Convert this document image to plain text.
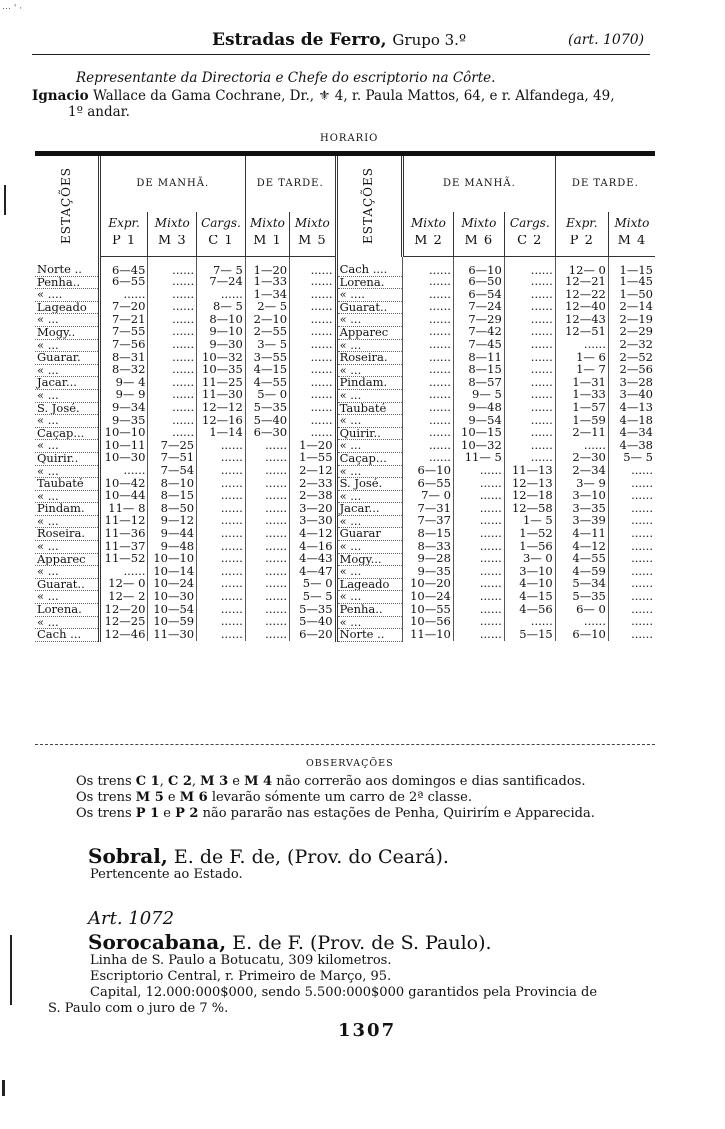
⋯ ' ·
Estradas de Ferro, Grupo 3.º	(art. 1070)
Representante da Directoria e Chefe do escriptorio na Côrte.
Ignacio Wallace da Gama Cochrane, Dr., ⚜ 4, r. Paula Mattos, 64, e r. Alfandega, 49,
1º andar.
HORARIO

ESTAÇÕES	DE MANHÃ.			DE TARDE.		ESTAÇÕES	DE MANHÃ.			DE TARDE.	
	Expr.	Mixto	Cargs.	Mixto	Mixto		Mixto	Mixto	Cargs.	Expr.	Mixto
	P 1	M 3	C 1	M 1	M 5		M 2	M 6	C 2	P 2	M 4
Norte ..	6—45	......	7— 5	1—20	......	Cach ....	......	6—10	......	12— 0	1—15
Penha..	6—55	......	7—24	1—33	......	Lorena.	......	6—50	......	12—21	1—45
« ....	......	......	......	1—34	......	« ....	......	6—54	......	12—22	1—50
Lageado	7—20	......	8— 5	2— 5	......	Guarat..	......	7—24	......	12—40	2—14
« ...	7—21	......	8—10	2—10	......	« ...	......	7—29	......	12—43	2—19
Mogy..	7—55	......	9—10	2—55	......	Apparec	......	7—42	......	12—51	2—29
« ...	7—56	......	9—30	3— 5	......	« ...	......	7—45	......	......	2—32
Guarar.	8—31	......	10—32	3—55	......	Roseira.	......	8—11	......	1— 6	2—52
« ...	8—32	......	10—35	4—15	......	« ...	......	8—15	......	1— 7	2—56
Jacar...	9— 4	......	11—25	4—55	......	Pindam.	......	8—57	......	1—31	3—28
« ...	9— 9	......	11—30	5— 0	......	« ...	......	9— 5	......	1—33	3—40
S. José.	9—34	......	12—12	5—35	......	Taubaté	......	9—48	......	1—57	4—13
« ...	9—35	......	12—16	5—40	......	« ...	......	9—54	......	1—59	4—18
Caçap...	10—10	......	1—14	6—30	......	Quirir..	......	10—15	......	2—11	4—34
« ...	10—11	7—25	......	......	1—20	« ...	......	10—32	......	......	4—38
Quirir..	10—30	7—51	......	......	1—55	Caçap...	......	11— 5	......	2—30	5— 5
« ...	......	7—54	......	......	2—12	« ...	6—10	......	11—13	2—34	......
Taubaté	10—42	8—10	......	......	2—33	S. José.	6—55	......	12—13	3— 9	......
« ...	10—44	8—15	......	......	2—38	« ...	7— 0	......	12—18	3—10	......
Pindam.	11— 8	8—50	......	......	3—20	Jacar...	7—31	......	12—58	3—35	......
« ...	11—12	9—12	......	......	3—30	« ...	7—37	......	1— 5	3—39	......
Roseira.	11—36	9—44	......	......	4—12	Guarar	8—15	......	1—52	4—11	......
« ...	11—37	9—48	......	......	4—16	« ...	8—33	......	1—56	4—12	......
Apparec	11—52	10—10	......	......	4—43	Mogy...	9—28	......	3— 0	4—55	......
« ...	......	10—14	......	......	4—47	« ...	9—35	......	3—10	4—59	......
Guarat..	12— 0	10—24	......	......	5— 0	Lageado	10—20	......	4—10	5—34	......
« ...	12— 2	10—30	......	......	5— 5	« ...	10—24	......	4—15	5—35	......
Lorena.	12—20	10—54	......	......	5—35	Penha..	10—55	......	4—56	6— 0	......
« ...	12—25	10—59	......	......	5—40	« ...	10—56	......	......	......	......
Cach ...	12—46	11—30	......	......	6—20	Norte ..	11—10	......	5—15	6—10	......
OBSERVAÇÕES
Os trens C 1, C 2, M 3 e M 4 não correrão aos domingos e dias santificados.
Os trens M 5 e M 6 levarão sómente um carro de 2ª classe.
Os trens P 1 e P 2 não pararão nas estações de Penha, Quirirím e Apparecida.
Sobral, E. de F. de, (Prov. do Ceará).
Pertencente ao Estado.
Art. 1072
Sorocabana, E. de F. (Prov. de S. Paulo).
Linha de S. Paulo a Botucatu, 309 kilometros.
Escriptorio Central, r. Primeiro de Março, 95.
Capital, 12.000:000$000, sendo 5.500:000$000 garantidos pela Provincia de
S. Paulo com o juro de 7 %.
1307
